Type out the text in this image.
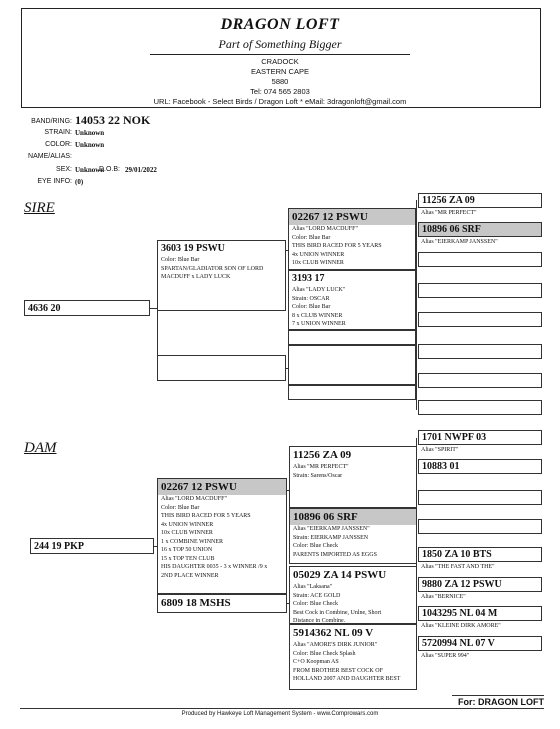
DRAGON LOFT
Part of Something Bigger
CRADOCK
EASTERN CAPE
5880
Tel: 074 565 2803
URL: Facebook - Select Birds / Dragon Loft * eMail: 3dragonloft@gmail.com
BAND/RING: 14053 22 NOK
STRAIN: Unknown
COLOR: Unknown
NAME/ALIAS:
SEX: Unknown
D.O.B: 29/01/2022
EYE INFO: (0)
SIRE
DAM
4636 20
3603 19 PSWU
Color: Blue Bar
SPARTAN/GLADIATOR SON OF LORD
MACDUFF x LADY LUCK
02267 12 PSWU
Alias "LORD MACDUFF"
Color: Blue Bar
THIS BIRD RACED FOR 5 YEARS
4x UNION WINNER
10x CLUB WINNER
3193 17
Alias "LADY LUCK"
Strain: OSCAR
Color: Blue Bar
8 x CLUB WINNER
7 x UNION WINNER
11256 ZA 09
Alias "MR PERFECT"
10896 06 SRF
Alias "EIERKAMP JANSSEN"
244 19 PKP
02267 12 PSWU
Alias "LORD MACDUFF"
Color: Blue Bar
THIS BIRD RACED FOR 5 YEARS
4x UNION WINNER
10x CLUB WINNER
1 x COMBINE WINNER
16 x TOP 50 UNION
15 x TOP TEN CLUB
HIS DAUGHTER 0035 - 3 x WINNER /9 x
2ND PLACE WINNER
6809 18 MSHS
11256 ZA 09
Alias "MR PERFECT"
Strain: Sarens/Oscar
10896 06 SRF
Alias "EIERKAMP JANSSEN"
Strain: EIERKAMP JANSSEN
Color: Blue Check
PARENTS IMPORTED AS EGGS
05029 ZA 14 PSWU
Alias "Laksana"
Strain: ACE GOLD
Color: Blue Check
Best Cock in Combine, Unlne, Short
Distance in Combine.
5914362 NL 09 V
Alias "AMORE'S DIRK JUNIOR"
Color: Blue Check Splash
C+O Koopman AS
FROM BROTHER BEST COCK OF
HOLLAND 2007 AND DAUGHTER BEST
1701 NWPF 03
Alias "SPIRIT"
10883 01
1850 ZA 10 BTS
Alias "THE FAST AND THE"
9880 ZA 12 PSWU
Alias "BERNICE"
1043295 NL 04 M
Alias "KLEINE DIRK AMORE"
5720994 NL 07 V
Alias "SUPER 994"
For: DRAGON LOFT
Produced by Hawkeye Loft Management System - www.Comprowars.com
